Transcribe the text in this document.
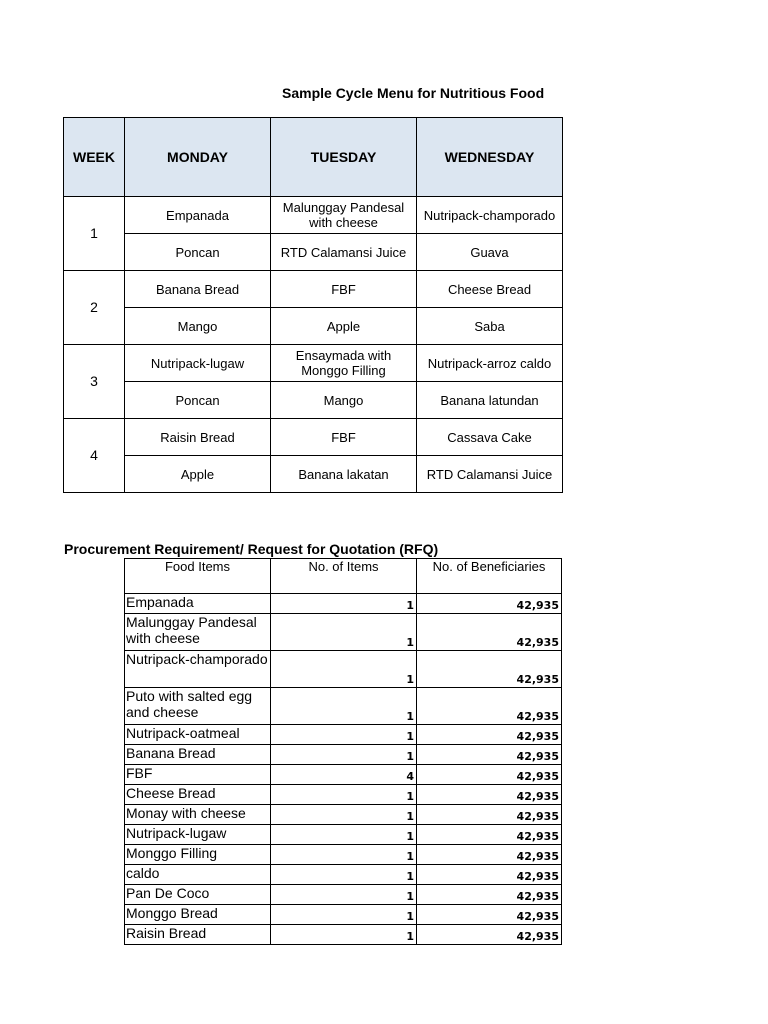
Sample Cycle Menu for Nutritious Food
WEEK	MONDAY	TUESDAY	WEDNESDAY
1	Empanada	Malunggay Pandesal with cheese	Nutripack-champorado
	Poncan	RTD Calamansi Juice	Guava
2	Banana Bread	FBF	Cheese Bread
	Mango	Apple	Saba
3	Nutripack-lugaw	Ensaymada with Monggo Filling	Nutripack-arroz caldo
	Poncan	Mango	Banana latundan
4	Raisin Bread	FBF	Cassava Cake
	Apple	Banana lakatan	RTD Calamansi Juice
Procurement Requirement/ Request for Quotation (RFQ)
Food Items	No. of Items	No. of Beneficiaries
Empanada	1	42,935
Malunggay Pandesal with cheese	1	42,935
Nutripack-champorado	1	42,935
Puto with salted egg and cheese	1	42,935
Nutripack-oatmeal	1	42,935
Banana Bread	1	42,935
FBF	4	42,935
Cheese Bread	1	42,935
Monay with cheese	1	42,935
Nutripack-lugaw	1	42,935
Monggo Filling	1	42,935
caldo	1	42,935
Pan De Coco	1	42,935
Monggo Bread	1	42,935
Raisin Bread	1	42,935
